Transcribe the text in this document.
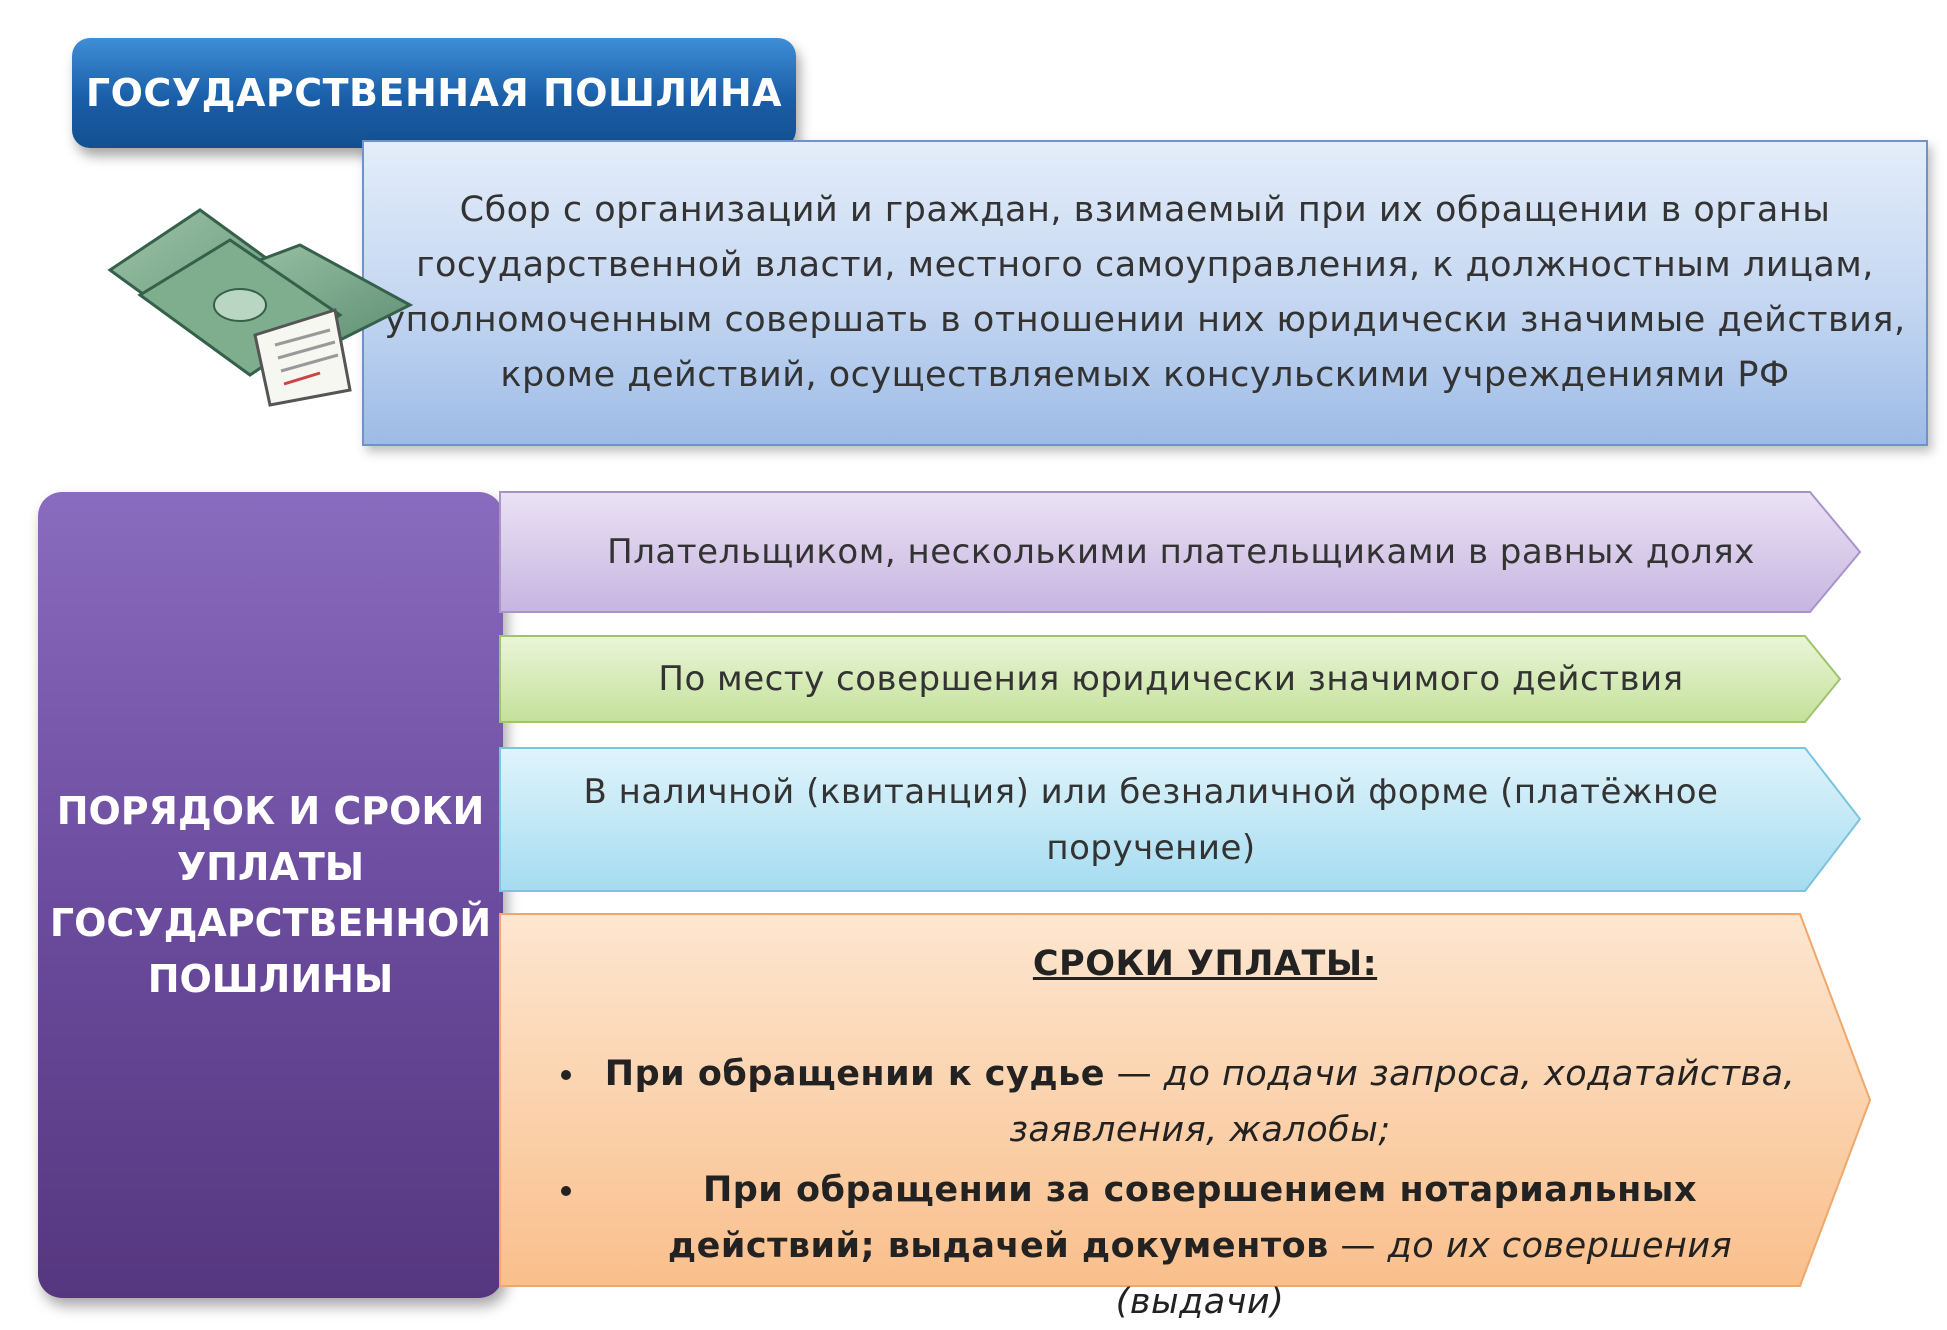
ГОСУДАРСТВЕННАЯ ПОШЛИНА
Сбор с организаций и граждан, взимаемый при их обращении в органы государственной власти, местного самоуправления, к должностным лицам, уполномоченным совершать в отношении них юридически значимые действия, кроме действий, осуществляемых консульскими учреждениями РФ
ПОРЯДОК И СРОКИ УПЛАТЫ ГОСУДАРСТВЕННОЙ ПОШЛИНЫ
Плательщиком, несколькими плательщиками в равных долях
По месту совершения юридически значимого действия
В наличной (квитанция) или безналичной форме (платёжное поручение)
СРОКИ УПЛАТЫ:
• При обращении к судье — до подачи запроса, ходатайства, заявления, жалобы;
• При обращении за совершением нотариальных действий; выдачей документов — до их совершения (выдачи)
